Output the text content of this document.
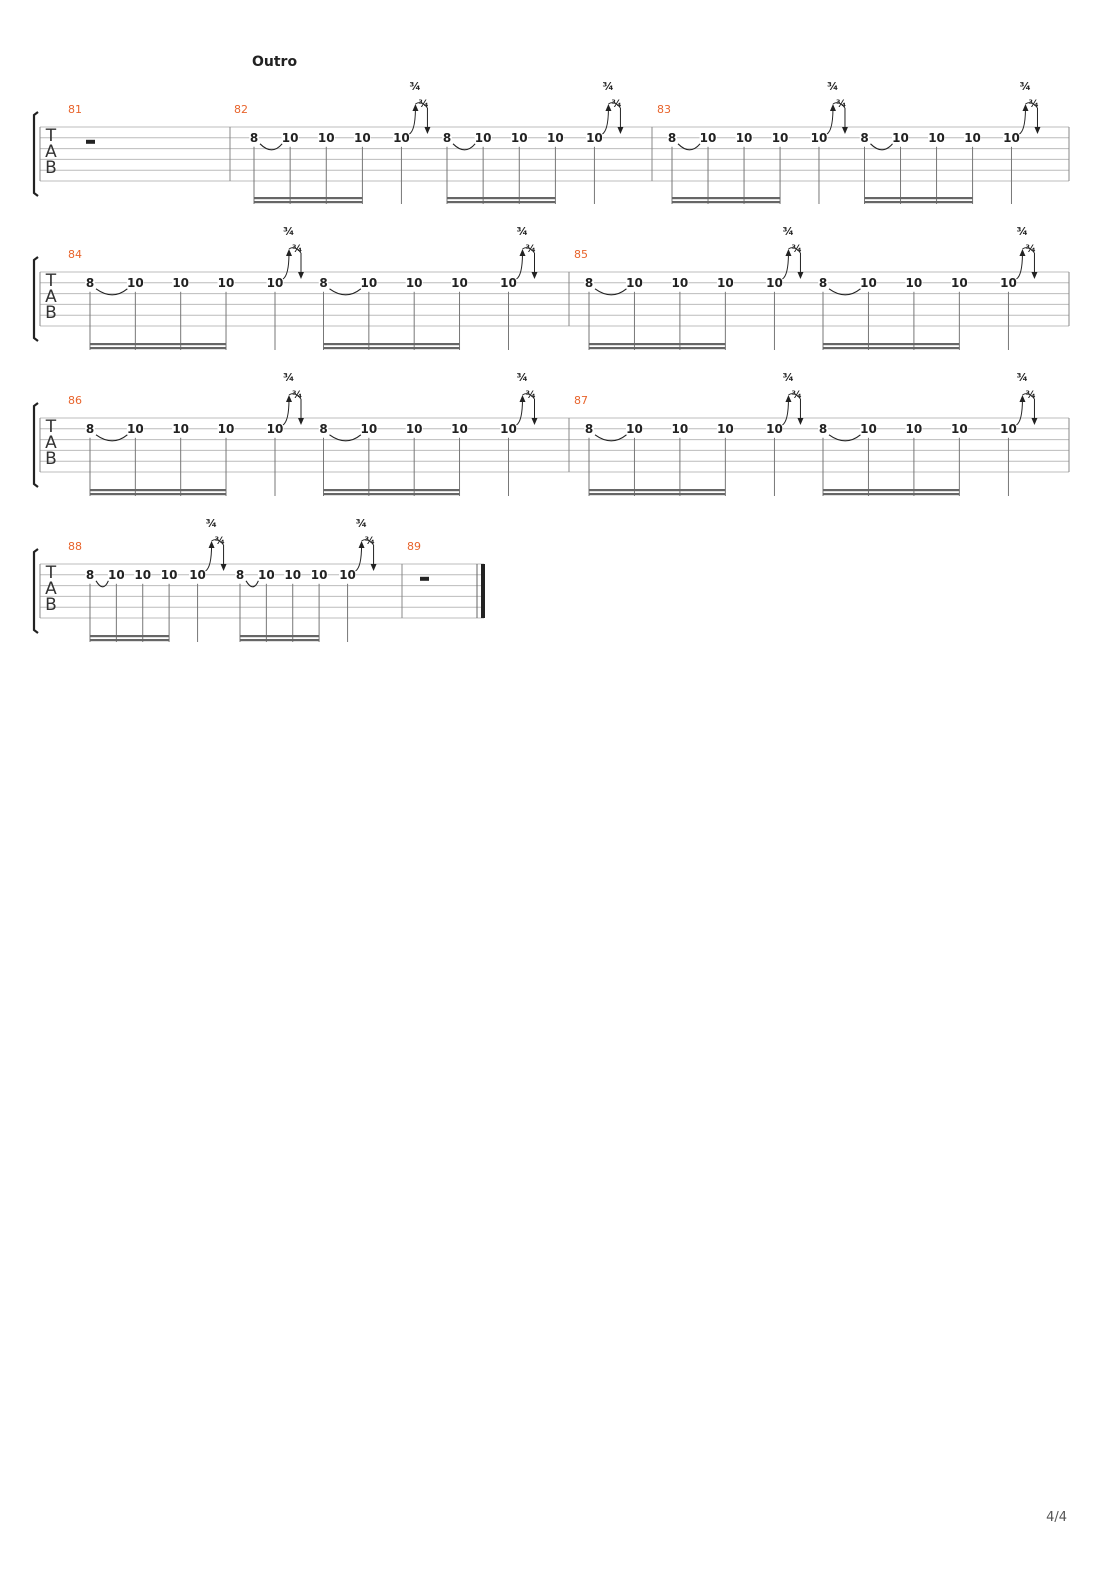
Outro
T
A
B
81	82
8 10 10 10 10
¾
¾
8 10 10 10 10
¾
¾	83
8 10 10 10 10
¾
¾
8 10 10 10 10
¾
¾
T
A
B
84
8	10 10 10	10
¾
¾
8	10 10 10	10
¾
¾	85
8	10 10 10	10
¾
¾
8	10 10 10	10
¾
¾
T
A
B
86
8	10 10 10	10
¾
¾
8	10 10 10	10
¾
¾	87
8	10 10 10	10
¾
¾
8	10 10 10	10
¾
¾
T
A
B
88
8 10 10 10 10
¾
¾
8 10 10 10 10
¾
¾	89
4/4
